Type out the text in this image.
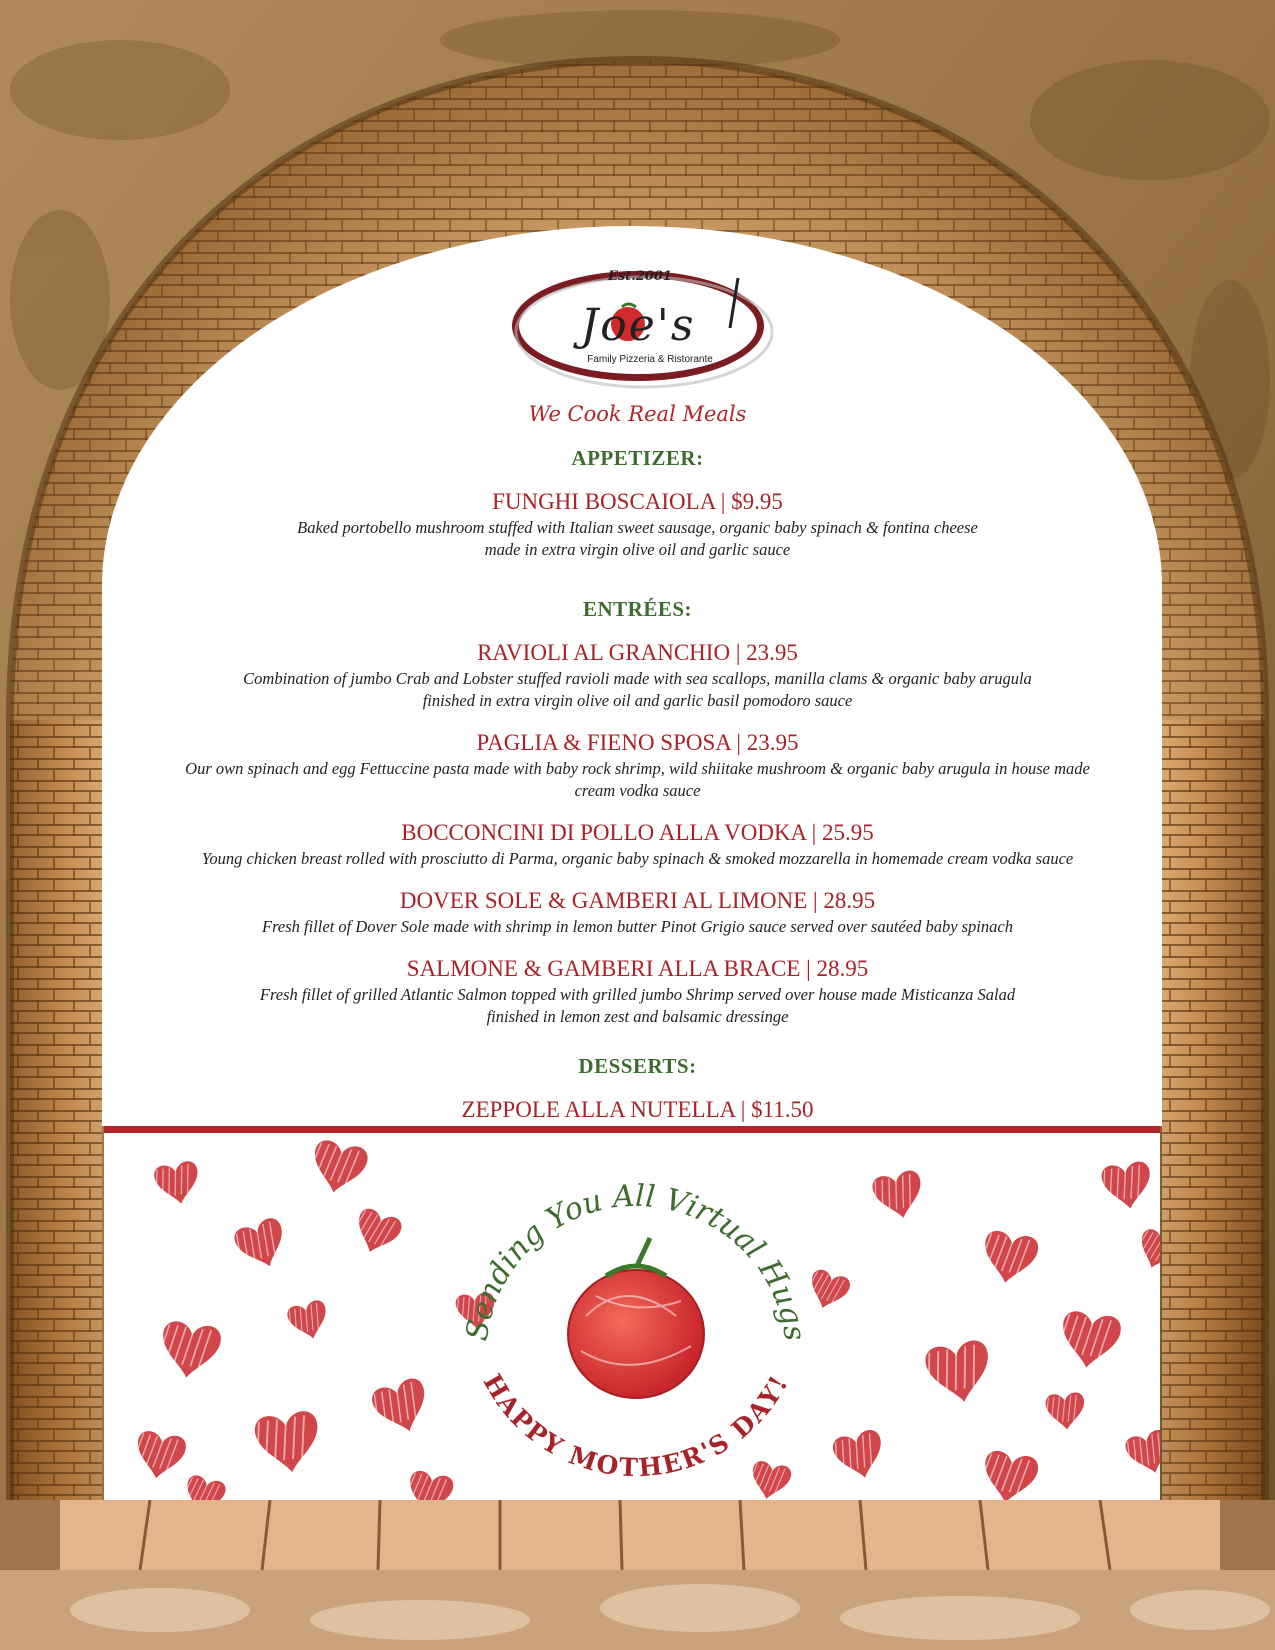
Est.2001
Joe's
Family Pizzeria & Ristorante
We Cook Real Meals

APPETIZER:

FUNGHI BOSCAIOLA | $9.95

Baked portobello mushroom stuffed with Italian sweet sausage, organic baby spinach & fontina cheese
made in extra virgin olive oil and garlic sauce

ENTRÉES:

RAVIOLI AL GRANCHIO | 23.95

Combination of jumbo Crab and Lobster stuffed ravioli made with sea scallops, manilla clams & organic baby arugula
finished in extra virgin olive oil and garlic basil pomodoro sauce

PAGLIA & FIENO SPOSA | 23.95

Our own spinach and egg Fettuccine pasta made with baby rock shrimp, wild shiitake mushroom & organic baby arugula in house made
cream vodka sauce

BOCCONCINI DI POLLO ALLA VODKA | 25.95

Young chicken breast rolled with prosciutto di Parma, organic baby spinach & smoked mozzarella in homemade cream vodka sauce

DOVER SOLE & GAMBERI AL LIMONE | 28.95

Fresh fillet of Dover Sole made with shrimp in lemon butter Pinot Grigio sauce served over sautéed baby spinach

SALMONE & GAMBERI ALLA BRACE | 28.95

Fresh fillet of grilled Atlantic Salmon topped with grilled jumbo Shrimp served over house made Misticanza Salad
finished in lemon zest and balsamic dressinge

DESSERTS:

ZEPPOLE ALLA NUTELLA | $11.50

Sending You All Virtual Hugs
HAPPY MOTHER'S DAY!
